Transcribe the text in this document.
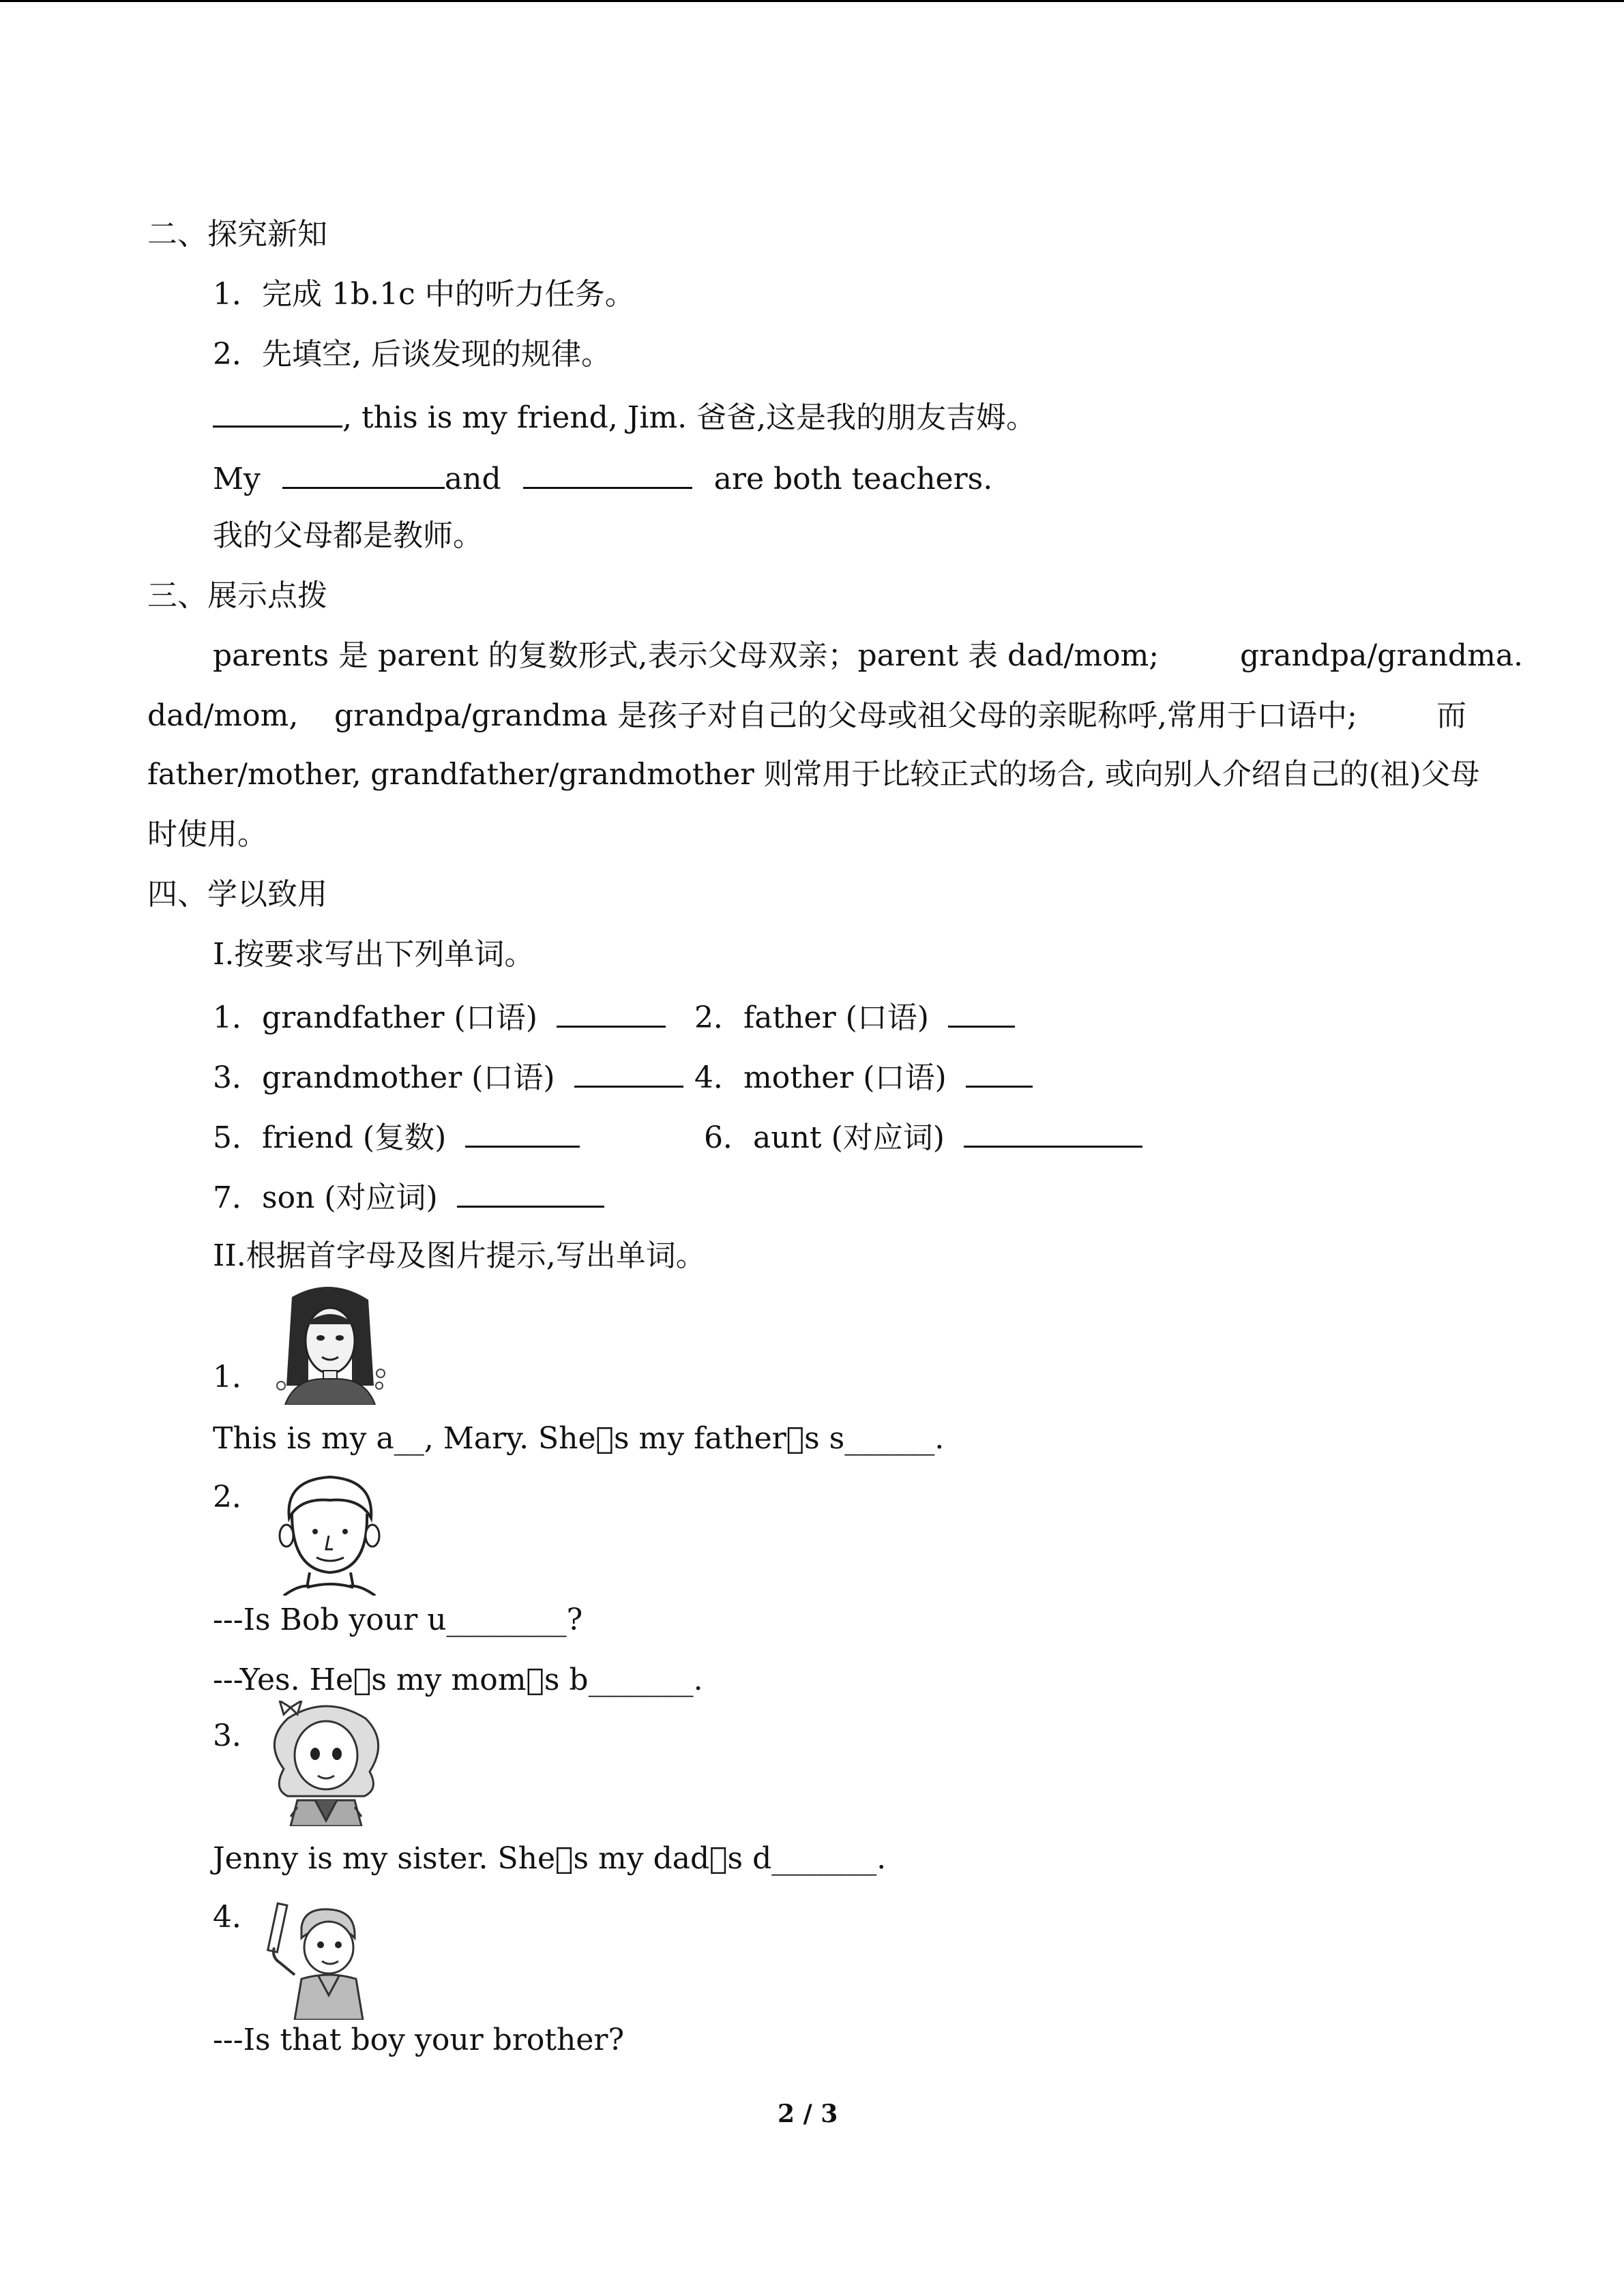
二、探究新知
1．完成 1b.1c 中的听力任务。
2．先填空, 后谈发现的规律。
, this is my friend, Jim. 爸爸,这是我的朋友吉姆。
My	and	are both teachers.
我的父母都是教师。
三、展示点拨
parents 是 parent 的复数形式,表示父母双亲；parent 表 dad/mom;	grandpa/grandma.
dad/mom, grandpa/grandma 是孩子对自己的父母或祖父母的亲昵称呼,常用于口语中;	而
father/mother, grandfather/grandmother 则常用于比较正式的场合, 或向别人介绍自己的(祖)父母
时使用。
四、学以致用
I.按要求写出下列单词。
1．grandfather (口语)	2．father (口语)
3．grandmother (口语)	4．mother (口语)
5．friend (复数)	6．aunt (对应词)
7．son (对应词)
II.根据首字母及图片提示,写出单词。
1．
This is my a__, Mary. She s my father s s______.
2．
---Is Bob your u________?
---Yes. He s my mom s b_______.
3．
Jenny is my sister. She s my dad s d_______.
4．
---Is that boy your brother?
2 / 3
